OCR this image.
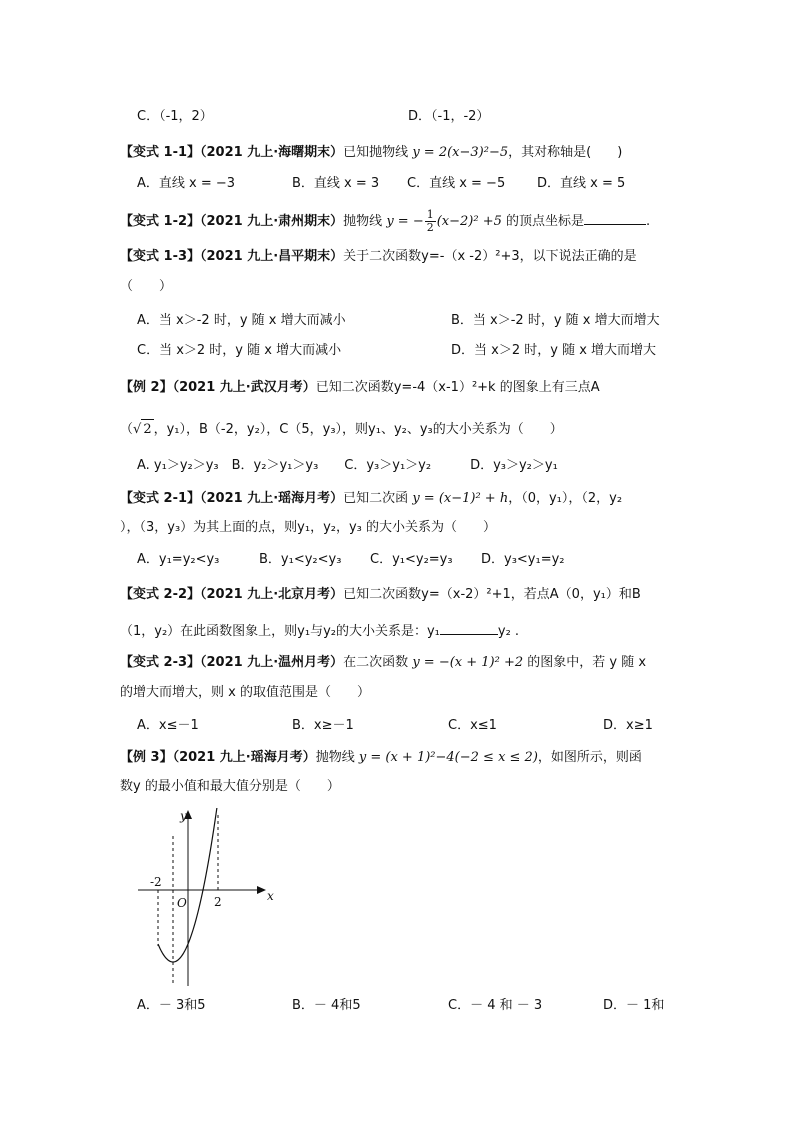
C．（-1，2）	D．（-1，-2）
【变式 1-1】（2021 九上·海曙期末）已知抛物线 y = 2(x−3)²−5，其对称轴是(　　)
A．直线 x = −3	B．直线 x = 3 C．直线 x = −5 D．直线 x = 5
【变式 1-2】（2021 九上·肃州期末）抛物线 y = − $\frac{1}{2} (x-2)^2 +5$ 的顶点坐标是	.
【变式 1-3】（2021 九上·昌平期末）关于二次函数y=-（x -2）²+3，以下说法正确的是
（　　）
A．当 x＞-2 时，y 随 x 增大而减小	B．当 x＞-2 时，y 随 x 增大而增大
C．当 x＞2 时，y 随 x 增大而减小	D．当 x＞2 时，y 随 x 增大而增大
【例 2】（2021 九上·武汉月考）已知二次函数y=-4（x-1）²+k 的图象上有三点A
（√ 2 ，y₁），B（-2，y₂），C（5，y₃），则y₁、y₂、y₃的大小关系为（　　）
A. y₁＞y₂＞y₃　B．y₂＞y₁＞y₃　　C．y₃＞y₁＞y₂　　　D．y₃＞y₂＞y₁
【变式 2-1】（2021 九上·瑶海月考）已知二次函 y = (x−1)² + h，（0，y₁），（2，y₂
），（3，y₃）为其上面的点，则y₁，y₂，y₃ 的大小关系为（　　）
A．y₁=y₂<y₃	B．y₁<y₂<y₃ C．y₁<y₂=y₃ D．y₃<y₁=y₂
【变式 2-2】（2021 九上·北京月考）已知二次函数y=（x-2）²+1，若点A（0，y₁）和B
（1，y₂）在此函数图象上，则y₁与y₂的大小关系是：y₁	y₂ .
【变式 2-3】（2021 九上·温州月考）在二次函数 y = −(x + 1)² +2 的图象中，若 y 随 x
的增大而增大，则 x 的取值范围是（　　）
A．x≤－1	B．x≥－1	C．x≤1	D．x≥1
【例 3】（2021 九上·瑶海月考）抛物线 y = (x + 1)²−4(−2 ≤ x ≤ 2)，如图所示，则函
数y 的最小值和最大值分别是（　　）
y
x
O
-2
2
A．－ 3和5	B．－ 4和5	C．－ 4 和 － 3	D．－ 1和
